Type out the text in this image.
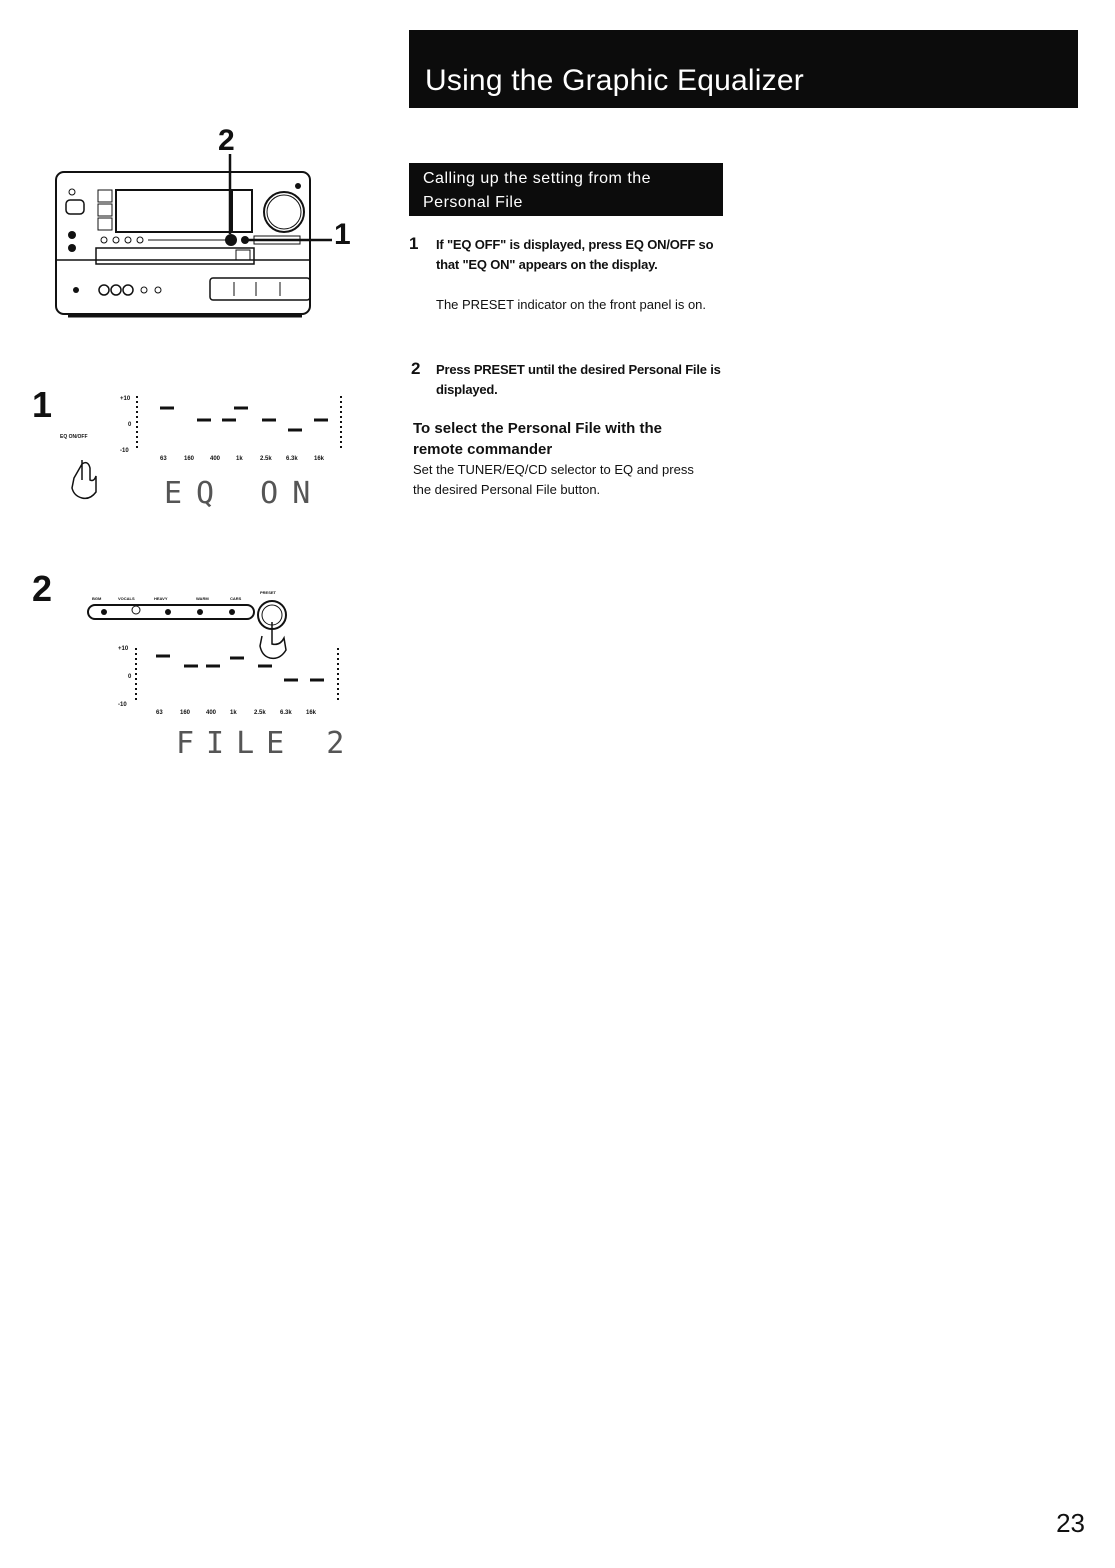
Using the Graphic Equalizer
Calling up the setting from the Personal File
1 If "EQ OFF" is displayed, press EQ ON/OFF so that "EQ ON" appears on the display.
The PRESET indicator on the front panel is on.
2 Press PRESET until the desired Personal File is displayed.
To select the Personal File with the remote commander
Set the TUNER/EQ/CD selector to EQ and press the desired Personal File button.
2
1
1
2
EQ ON/OFF
+10
0
-10
63	160	400	1k	2.5k 6.3k	16k
EQ ON
BGM	VOCALS	HEAVY	WARM	CARS
PRESET
+10
0
-10
63	160	400 1k	2.5k 6.3k 16k
FILE 2
23
